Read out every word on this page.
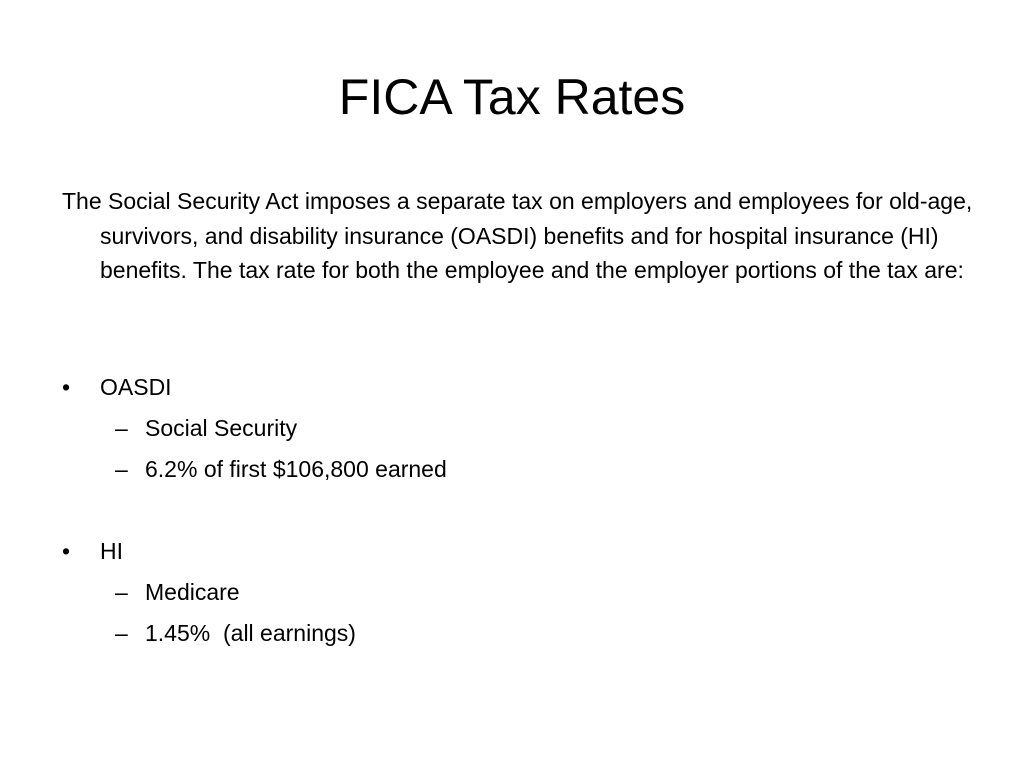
FICA Tax Rates

The Social Security Act imposes a separate tax on employers and employees for old-age, survivors, and disability insurance (OASDI) benefits and for hospital insurance (HI) benefits. The tax rate for both the employee and the employer portions of the tax are:

•	OASDI
– Social Security
– 6.2% of first $106,800 earned
•	HI
– Medicare
– 1.45%  (all earnings)
